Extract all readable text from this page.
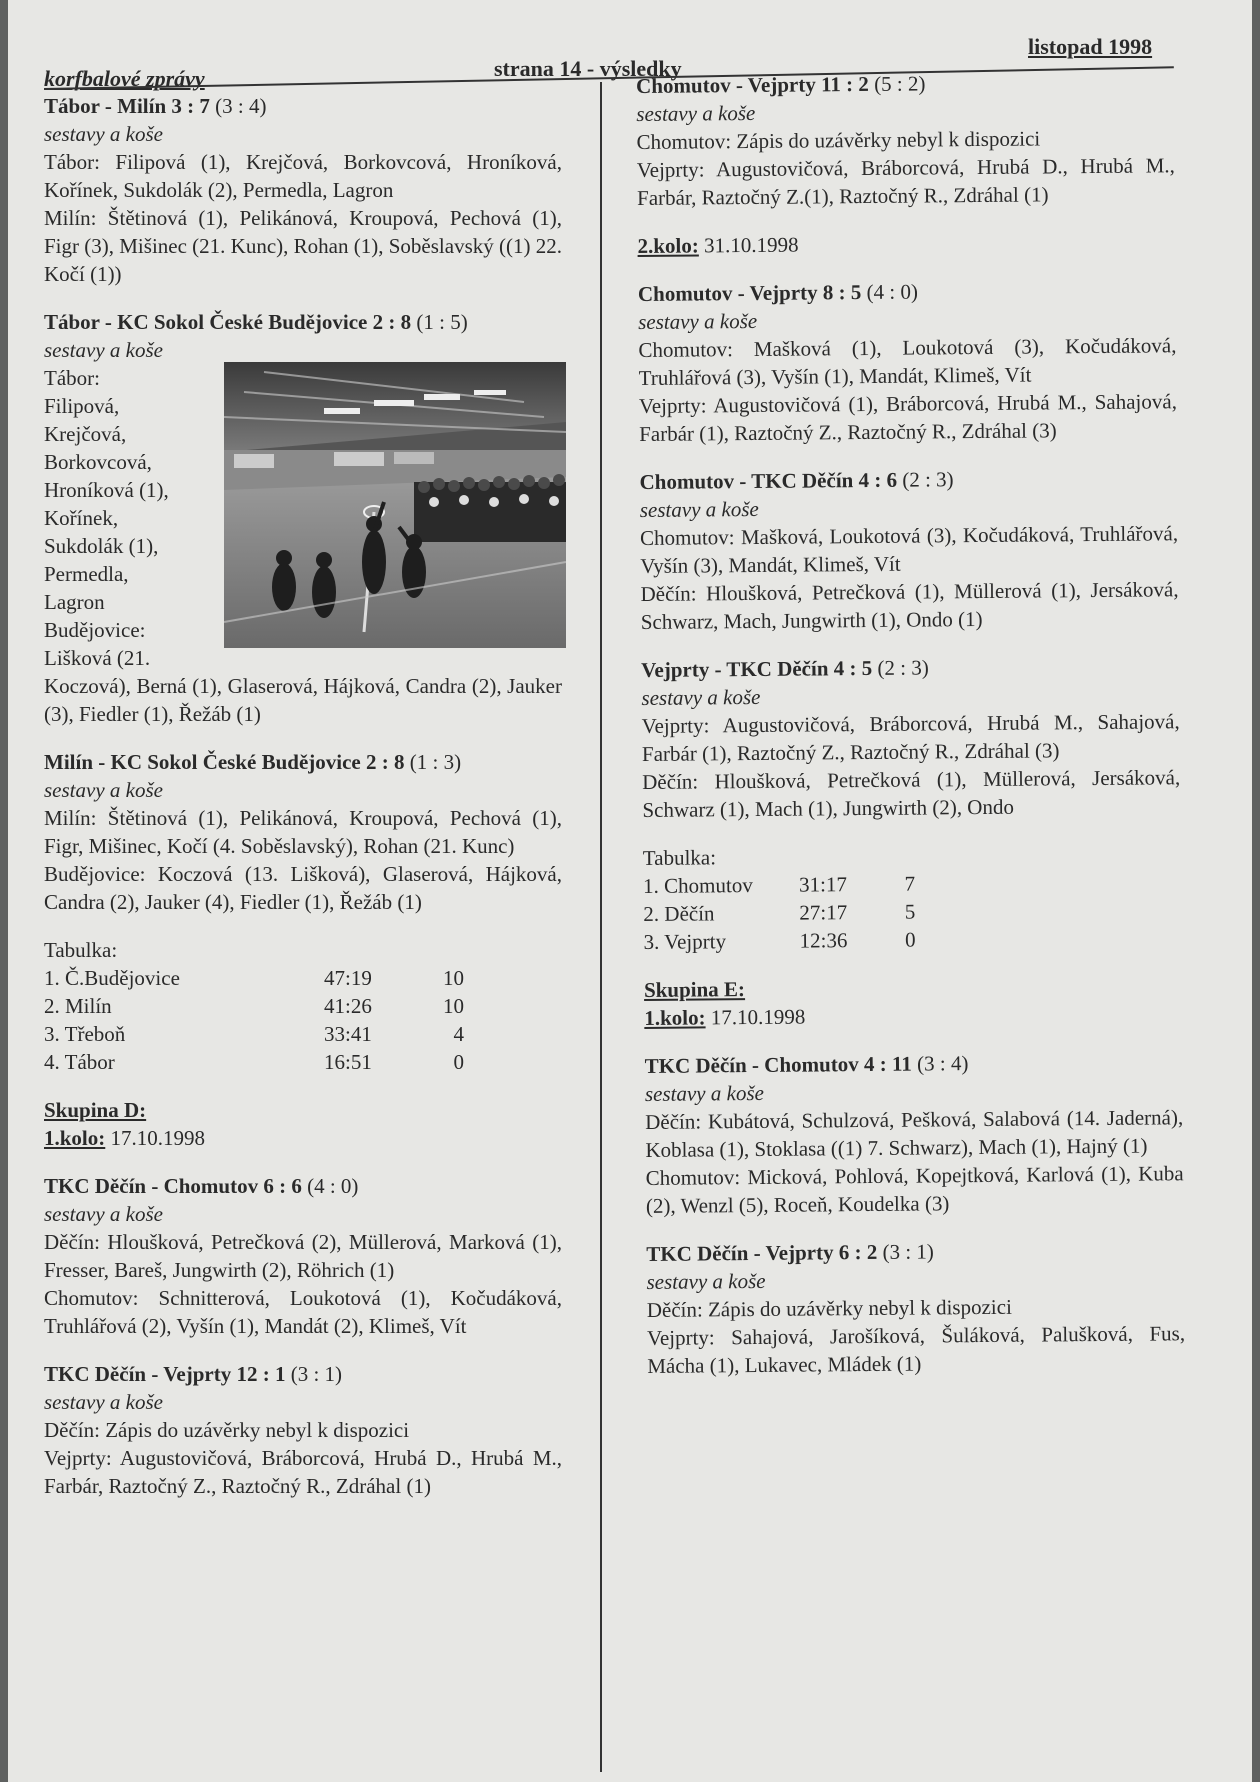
korfbalové zprávy	strana 14 - výsledky
listopad 1998
Tábor - Milín 3 : 7 (3 : 4)
sestavy a koše
Tábor: Filipová (1), Krejčová, Borkovcová, Hroníková, Kořínek, Sukdolák (2), Permedla, Lagron
Milín: Štětinová (1), Pelikánová, Kroupová, Pechová (1), Figr (3), Mišinec (21. Kunc), Rohan (1), Soběslavský ((1) 22. Kočí (1))
Tábor - KC Sokol České Budějovice 2 : 8 (1 : 5)
sestavy a koše
Tábor:
Filipová,
Krejčová,
Borkovcová,
Hroníková (1),
Kořínek,
Sukdolák (1),
Permedla,
Lagron
Budějovice:
Lišková (21.
Koczová), Berná (1), Glaserová, Hájková, Candra (2), Jauker (3), Fiedler (1), Řežáb (1)
Milín - KC Sokol České Budějovice 2 : 8 (1 : 3)
sestavy a koše
Milín: Štětinová (1), Pelikánová, Kroupová, Pechová (1), Figr, Mišinec, Kočí (4. Soběslavský), Rohan (21. Kunc)
Budějovice: Koczová (13. Lišková), Glaserová, Hájková, Candra (2), Jauker (4), Fiedler (1), Řežáb (1)
Tabulka:
1. Č.Budějovice	47:19	10
2. Milín	41:26	10
3. Třeboň	33:41	4
4. Tábor	16:51	0
Skupina D:
1.kolo: 17.10.1998
TKC Děčín - Chomutov 6 : 6 (4 : 0)
sestavy a koše
Děčín: Hloušková, Petrečková (2), Müllerová, Marková (1), Fresser, Bareš, Jungwirth (2), Röhrich (1)
Chomutov: Schnitterová, Loukotová (1), Kočudáková, Truhlářová (2), Vyšín (1), Mandát (2), Klimeš, Vít
TKC Děčín - Vejprty 12 : 1 (3 : 1)
sestavy a koše
Děčín: Zápis do uzávěrky nebyl k dispozici
Vejprty: Augustovičová, Bráborcová, Hrubá D., Hrubá M., Farbár, Raztočný Z., Raztočný R., Zdráhal (1)
Chomutov - Vejprty 11 : 2 (5 : 2)
sestavy a koše
Chomutov: Zápis do uzávěrky nebyl k dispozici
Vejprty: Augustovičová, Bráborcová, Hrubá D., Hrubá M., Farbár, Raztočný Z.(1), Raztočný R., Zdráhal (1)
2.kolo: 31.10.1998
Chomutov - Vejprty 8 : 5 (4 : 0)
sestavy a koše
Chomutov: Mašková (1), Loukotová (3), Kočudáková, Truhlářová (3), Vyšín (1), Mandát, Klimeš, Vít
Vejprty: Augustovičová (1), Bráborcová, Hrubá M., Sahajová, Farbár (1), Raztočný Z., Raztočný R., Zdráhal (3)
Chomutov - TKC Děčín 4 : 6 (2 : 3)
sestavy a koše
Chomutov: Mašková, Loukotová (3), Kočudáková, Truhlářová, Vyšín (3), Mandát, Klimeš, Vít
Děčín: Hloušková, Petrečková (1), Müllerová (1), Jersáková, Schwarz, Mach, Jungwirth (1), Ondo (1)
Vejprty - TKC Děčín 4 : 5 (2 : 3)
sestavy a koše
Vejprty: Augustovičová, Bráborcová, Hrubá M., Sahajová, Farbár (1), Raztočný Z., Raztočný R., Zdráhal (3)
Děčín: Hloušková, Petrečková (1), Müllerová, Jersáková, Schwarz (1), Mach (1), Jungwirth (2), Ondo
Tabulka:
1. Chomutov	31:17	7
2. Děčín	27:17	5
3. Vejprty	12:36	0
Skupina E:
1.kolo: 17.10.1998
TKC Děčín - Chomutov 4 : 11 (3 : 4)
sestavy a koše
Děčín: Kubátová, Schulzová, Pešková, Salabová (14. Jaderná), Koblasa (1), Stoklasa ((1) 7. Schwarz), Mach (1), Hajný (1)
Chomutov: Micková, Pohlová, Kopejtková, Karlová (1), Kuba (2), Wenzl (5), Roceň, Koudelka (3)
TKC Děčín - Vejprty 6 : 2 (3 : 1)
sestavy a koše
Děčín: Zápis do uzávěrky nebyl k dispozici
Vejprty: Sahajová, Jarošíková, Šuláková, Palušková, Fus, Mácha (1), Lukavec, Mládek (1)
